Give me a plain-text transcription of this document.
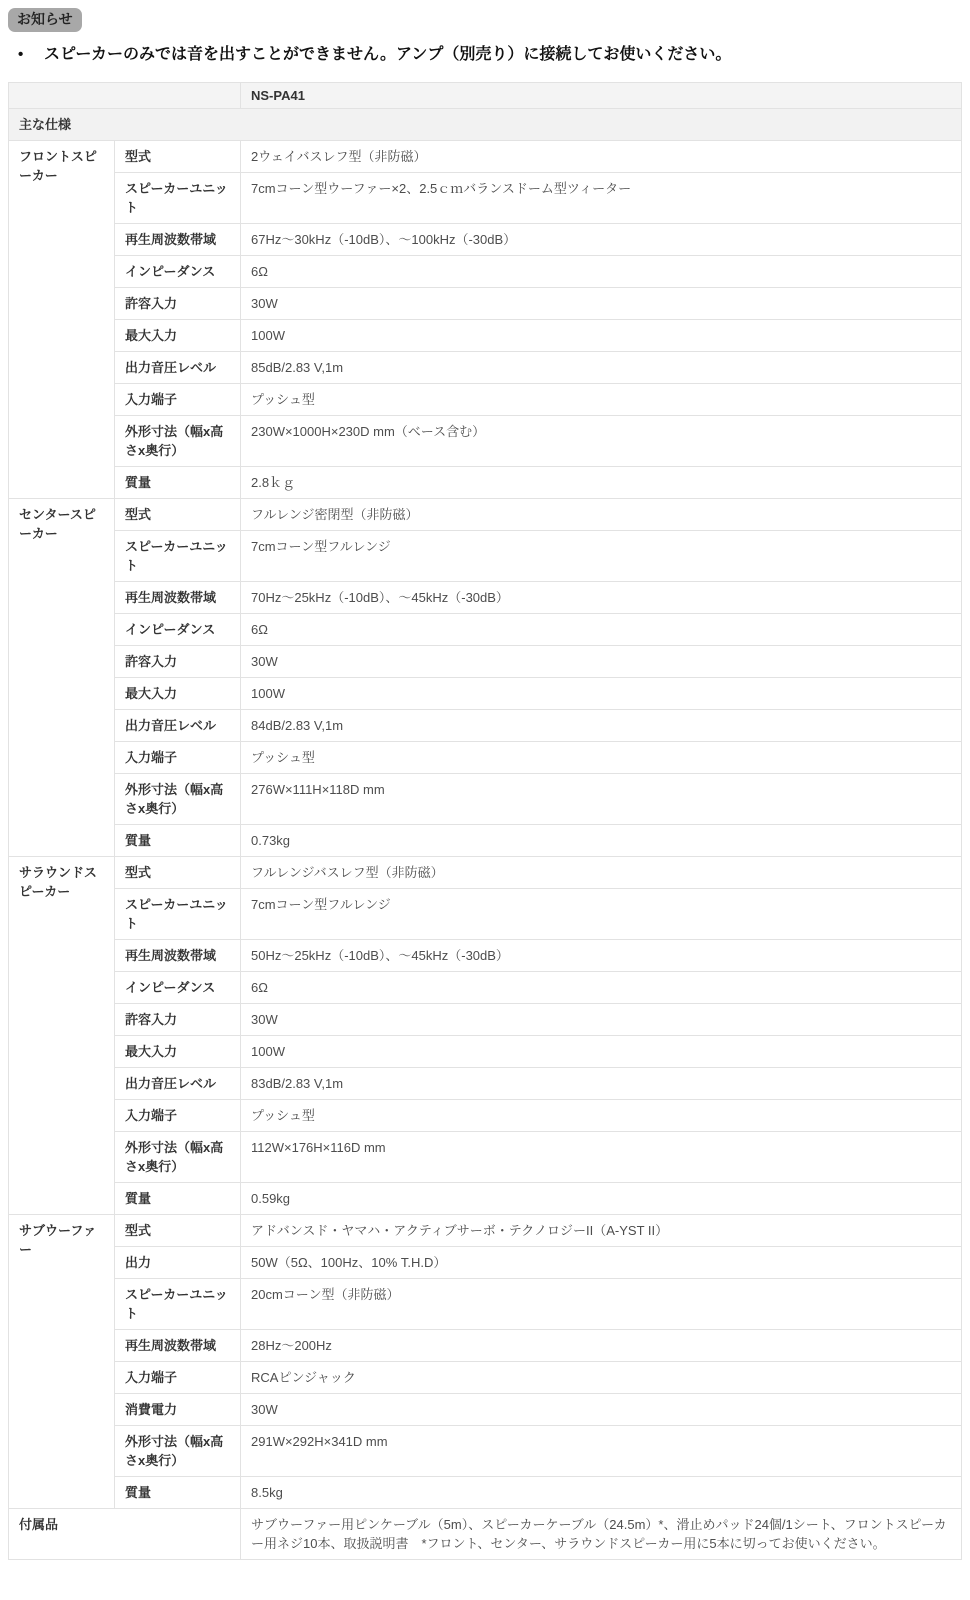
お知らせ
•	スピーカーのみでは音を出すことができません。アンプ（別売り）に接続してお使いください。
		NS-PA41
主な仕様		
フロントスピーカー	型式	2ウェイバスレフ型（非防磁）
	スピーカーユニット	7cmコーン型ウーファー×2、2.5ｃｍバランスドーム型ツィーター
	再生周波数帯域	67Hz～30kHz（-10dB）、～100kHz（-30dB）
	インピーダンス	6Ω
	許容入力	30W
	最大入力	100W
	出力音圧レベル	85dB/2.83 V,1m
	入力端子	プッシュ型
	外形寸法（幅x高さx奥行）	230W×1000H×230D mm（ベース含む）
	質量	2.8ｋｇ
センタースピーカー	型式	フルレンジ密閉型（非防磁）
	スピーカーユニット	7cmコーン型フルレンジ
	再生周波数帯域	70Hz～25kHz（-10dB）、～45kHz（-30dB）
	インピーダンス	6Ω
	許容入力	30W
	最大入力	100W
	出力音圧レベル	84dB/2.83 V,1m
	入力端子	プッシュ型
	外形寸法（幅x高さx奥行）	276W×111H×118D mm
	質量	0.73kg
サラウンドスピーカー	型式	フルレンジバスレフ型（非防磁）
	スピーカーユニット	7cmコーン型フルレンジ
	再生周波数帯域	50Hz～25kHz（-10dB）、～45kHz（-30dB）
	インピーダンス	6Ω
	許容入力	30W
	最大入力	100W
	出力音圧レベル	83dB/2.83 V,1m
	入力端子	プッシュ型
	外形寸法（幅x高さx奥行）	112W×176H×116D mm
	質量	0.59kg
サブウーファー	型式	アドバンスド・ヤマハ・アクティブサーボ・テクノロジーII（A-YST II）
	出力	50W（5Ω、100Hz、10% T.H.D）
	スピーカーユニット	20cmコーン型（非防磁）
	再生周波数帯域	28Hz～200Hz
	入力端子	RCAピンジャック
	消費電力	30W
	外形寸法（幅x高さx奥行）	291W×292H×341D mm
	質量	8.5kg
付属品		サブウーファー用ピンケーブル（5m）、スピーカーケーブル（24.5m）*、滑止めパッド24個/1シート、フロントスピーカー用ネジ10本、取扱説明書　*フロント、センター、サラウンドスピーカー用に5本に切ってお使いください。
